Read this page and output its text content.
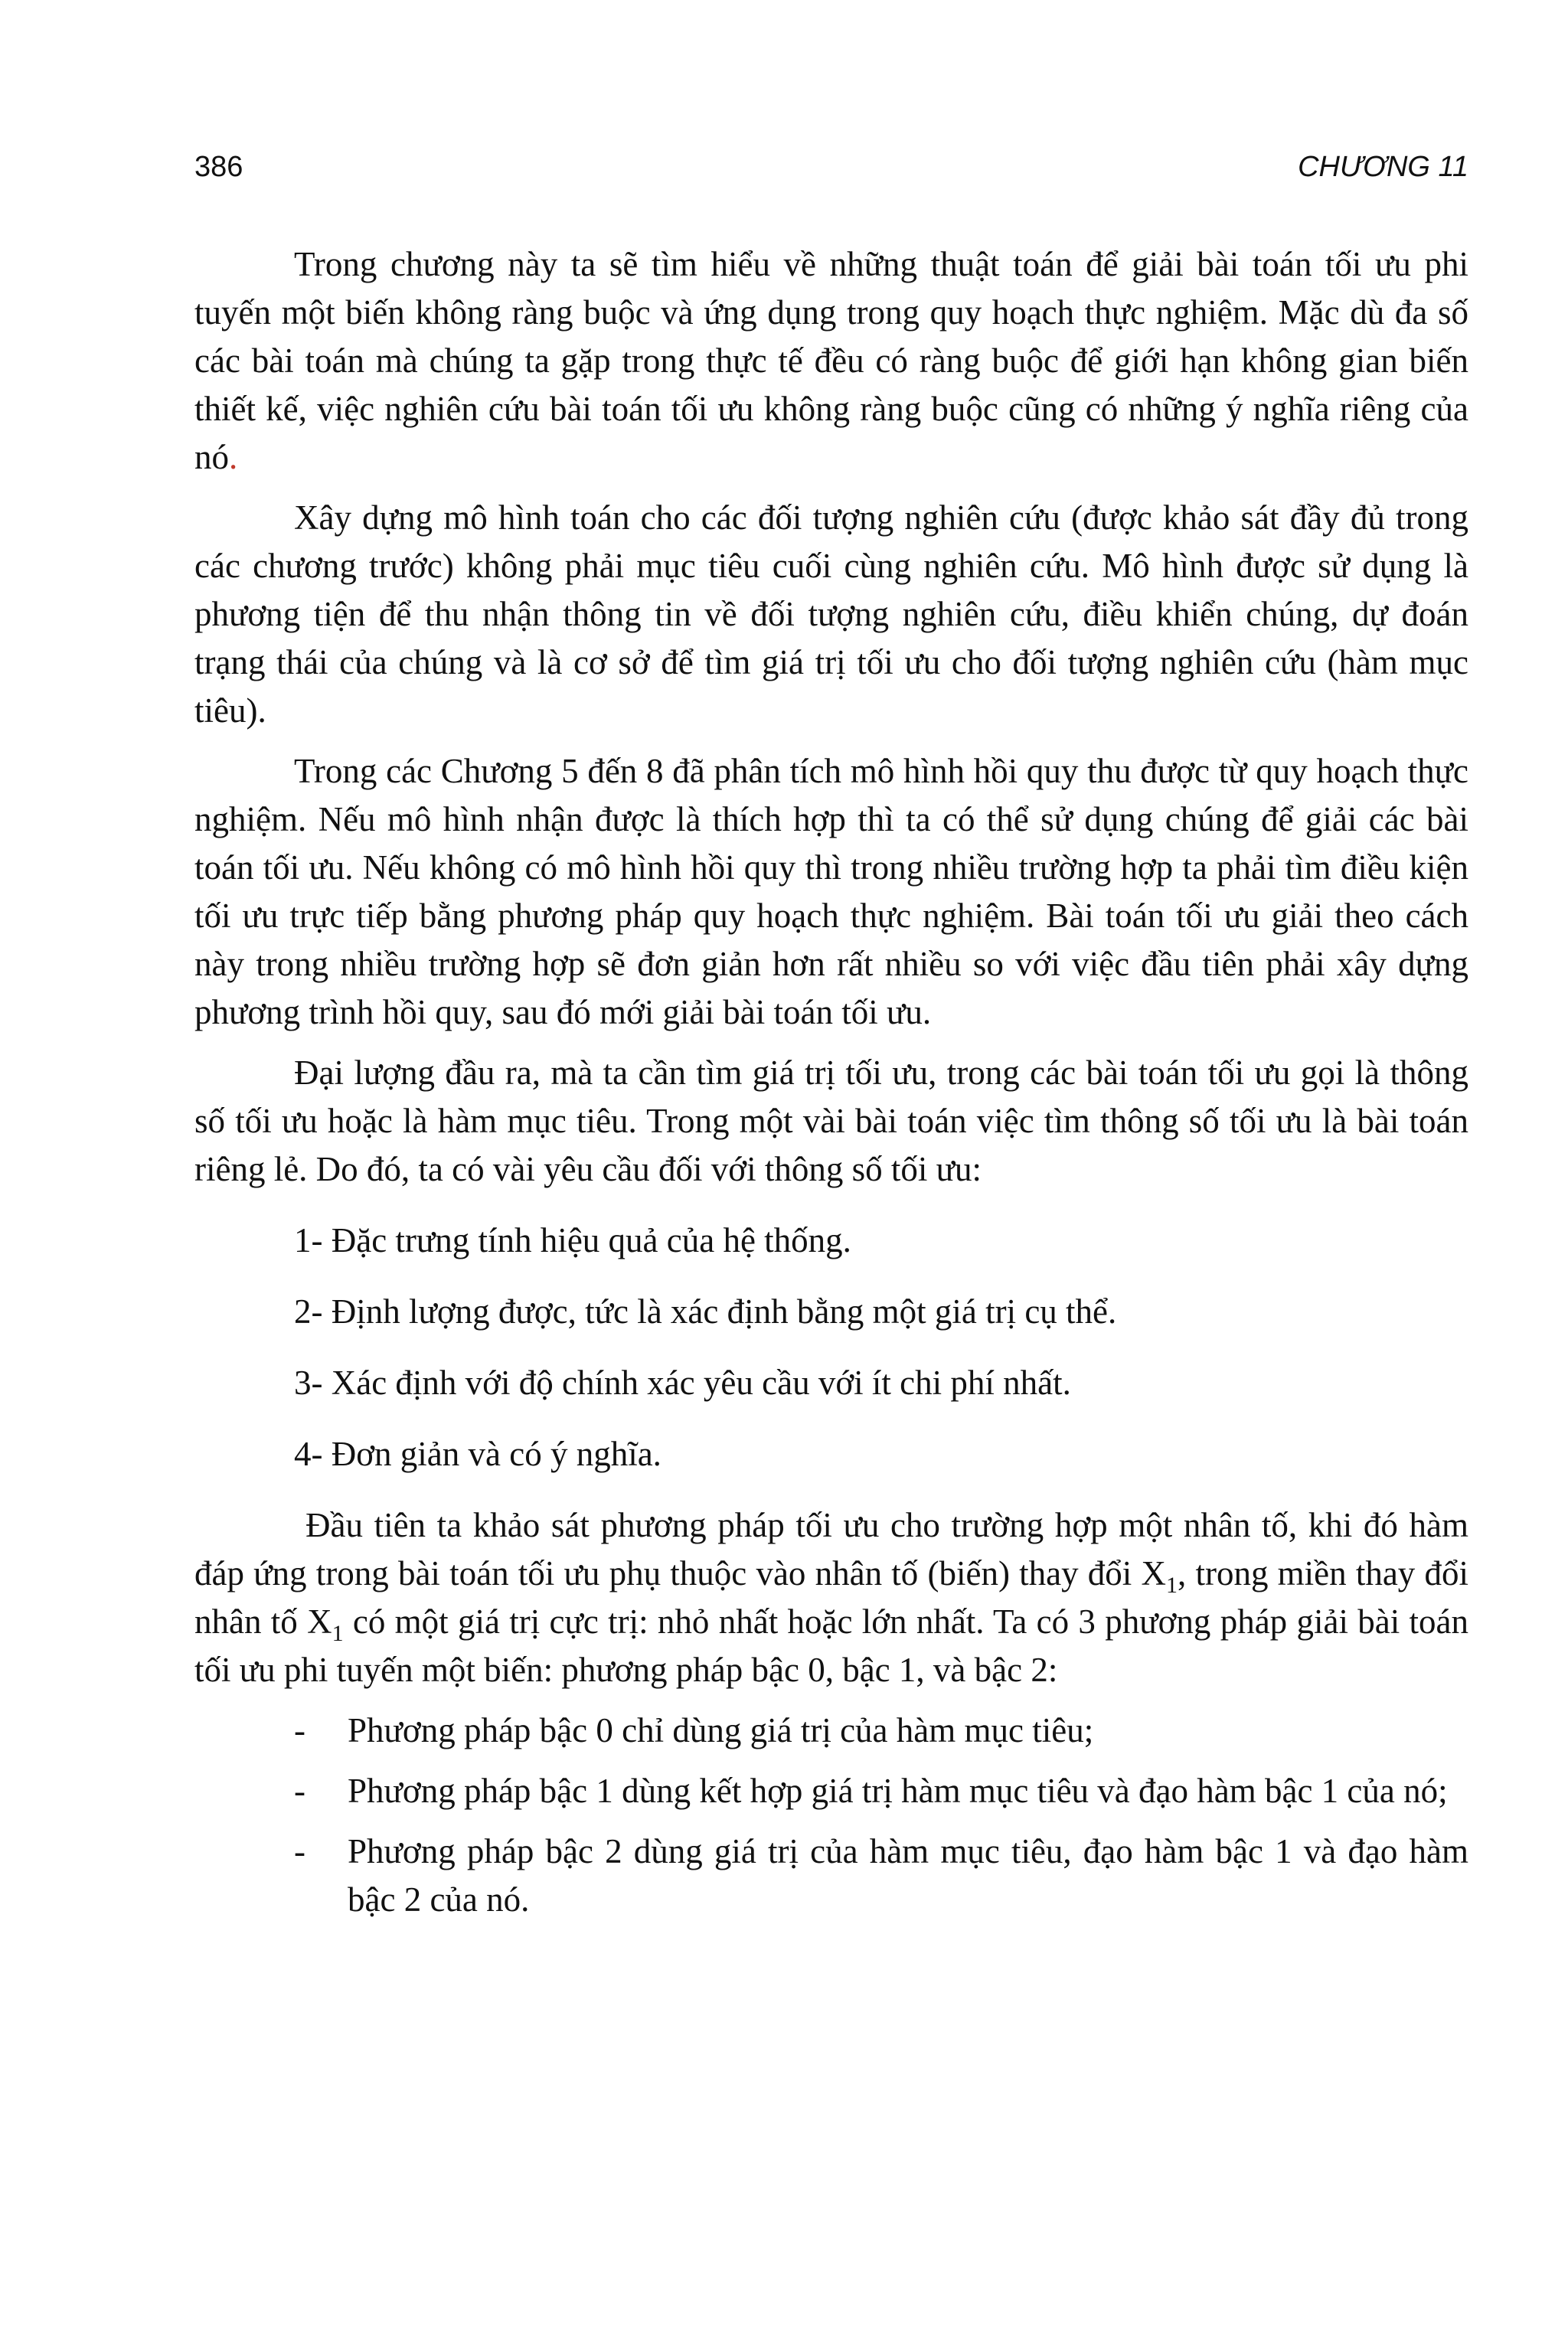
386	CHƯƠNG 11

Trong chương này ta sẽ tìm hiểu về những thuật toán để giải bài toán tối ưu phi tuyến một biến không ràng buộc và ứng dụng trong quy hoạch thực nghiệm. Mặc dù đa số các bài toán mà chúng ta gặp trong thực tế đều có ràng buộc để giới hạn không gian biến thiết kế, việc nghiên cứu bài toán tối ưu không ràng buộc cũng có những ý nghĩa riêng của nó.

Xây dựng mô hình toán cho các đối tượng nghiên cứu (được khảo sát đầy đủ trong các chương trước) không phải mục tiêu cuối cùng nghiên cứu. Mô hình được sử dụng là phương tiện để thu nhận thông tin về đối tượng nghiên cứu, điều khiển chúng, dự đoán trạng thái của chúng và là cơ sở để tìm giá trị tối ưu cho đối tượng nghiên cứu (hàm mục tiêu).

Trong các Chương 5 đến 8 đã phân tích mô hình hồi quy thu được từ quy hoạch thực nghiệm. Nếu mô hình nhận được là thích hợp thì ta có thể sử dụng chúng để giải các bài toán tối ưu. Nếu không có mô hình hồi quy thì trong nhiều trường hợp ta phải tìm điều kiện tối ưu trực tiếp bằng phương pháp quy hoạch thực nghiệm. Bài toán tối ưu giải theo cách này trong nhiều trường hợp sẽ đơn giản hơn rất nhiều so với việc đầu tiên phải xây dựng phương trình hồi quy, sau đó mới giải bài toán tối ưu.

Đại lượng đầu ra, mà ta cần tìm giá trị tối ưu, trong các bài toán tối ưu gọi là thông số tối ưu hoặc là hàm mục tiêu. Trong một vài bài toán việc tìm thông số tối ưu là bài toán riêng lẻ. Do đó, ta có vài yêu cầu đối với thông số tối ưu:

1- Đặc trưng tính hiệu quả của hệ thống.

2- Định lượng được, tức là xác định bằng một giá trị cụ thể.

3- Xác định với độ chính xác yêu cầu với ít chi phí nhất.

4- Đơn giản và có ý nghĩa.

Đầu tiên ta khảo sát phương pháp tối ưu cho trường hợp một nhân tố, khi đó hàm đáp ứng trong bài toán tối ưu phụ thuộc vào nhân tố (biến) thay đổi $X_1$, trong miền thay đổi nhân tố $X_1$ có một giá trị cực trị: nhỏ nhất hoặc lớn nhất. Ta có 3 phương pháp giải bài toán tối ưu phi tuyến một biến: phương pháp bậc 0, bậc 1, và bậc 2:

-	Phương pháp bậc 0 chỉ dùng giá trị của hàm mục tiêu;
-	Phương pháp bậc 1 dùng kết hợp giá trị hàm mục tiêu và đạo hàm bậc 1 của nó;
-	Phương pháp bậc 2 dùng giá trị của hàm mục tiêu, đạo hàm bậc 1 và đạo hàm bậc 2 của nó.
